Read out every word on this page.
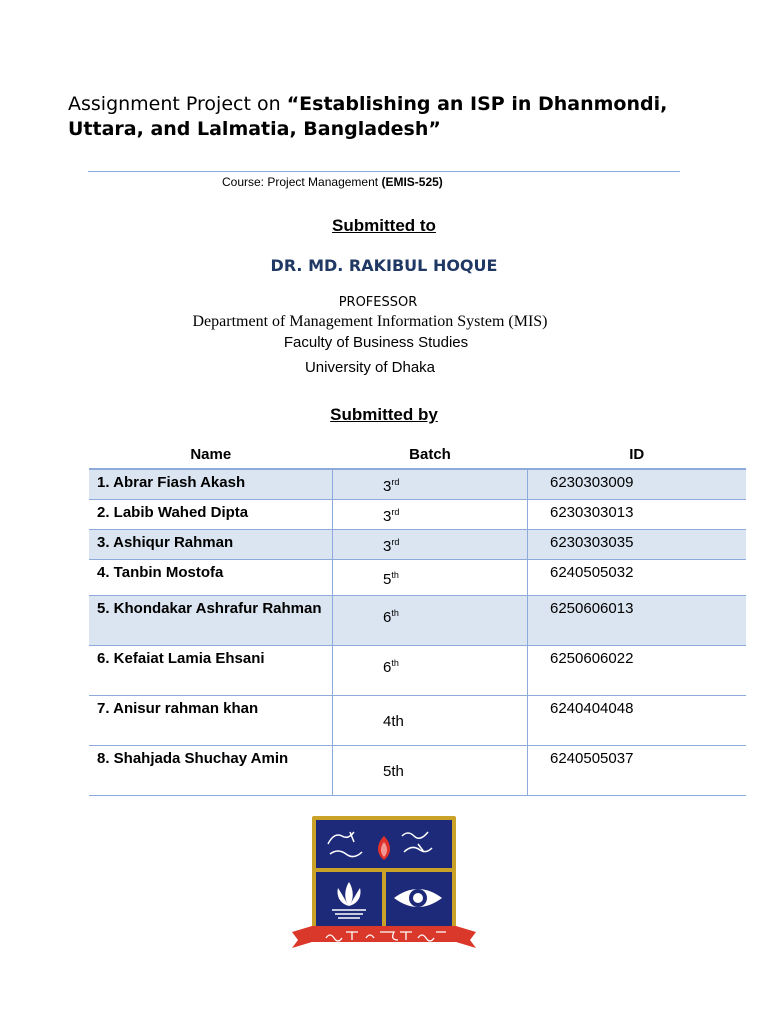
Assignment Project on “Establishing an ISP in Dhanmondi, Uttara, and Lalmatia, Bangladesh”
Course: Project Management (EMIS-525)
Submitted to
DR. MD. RAKIBUL HOQUE
PROFESSOR
Department of Management Information System (MIS)
Faculty of Business Studies
University of Dhaka
Submitted by
Name	Batch	ID
1. Abrar Fiash Akash	3rd	6230303009
2. Labib Wahed Dipta	3rd	6230303013
3. Ashiqur Rahman	3rd	6230303035
4. Tanbin Mostofa	5th	6240505032
5. Khondakar Ashrafur Rahman	6th	6250606013
6. Kefaiat Lamia Ehsani	6th	6250606022
7. Anisur rahman khan	4th	6240404048
8. Shahjada Shuchay Amin	5th	6240505037
